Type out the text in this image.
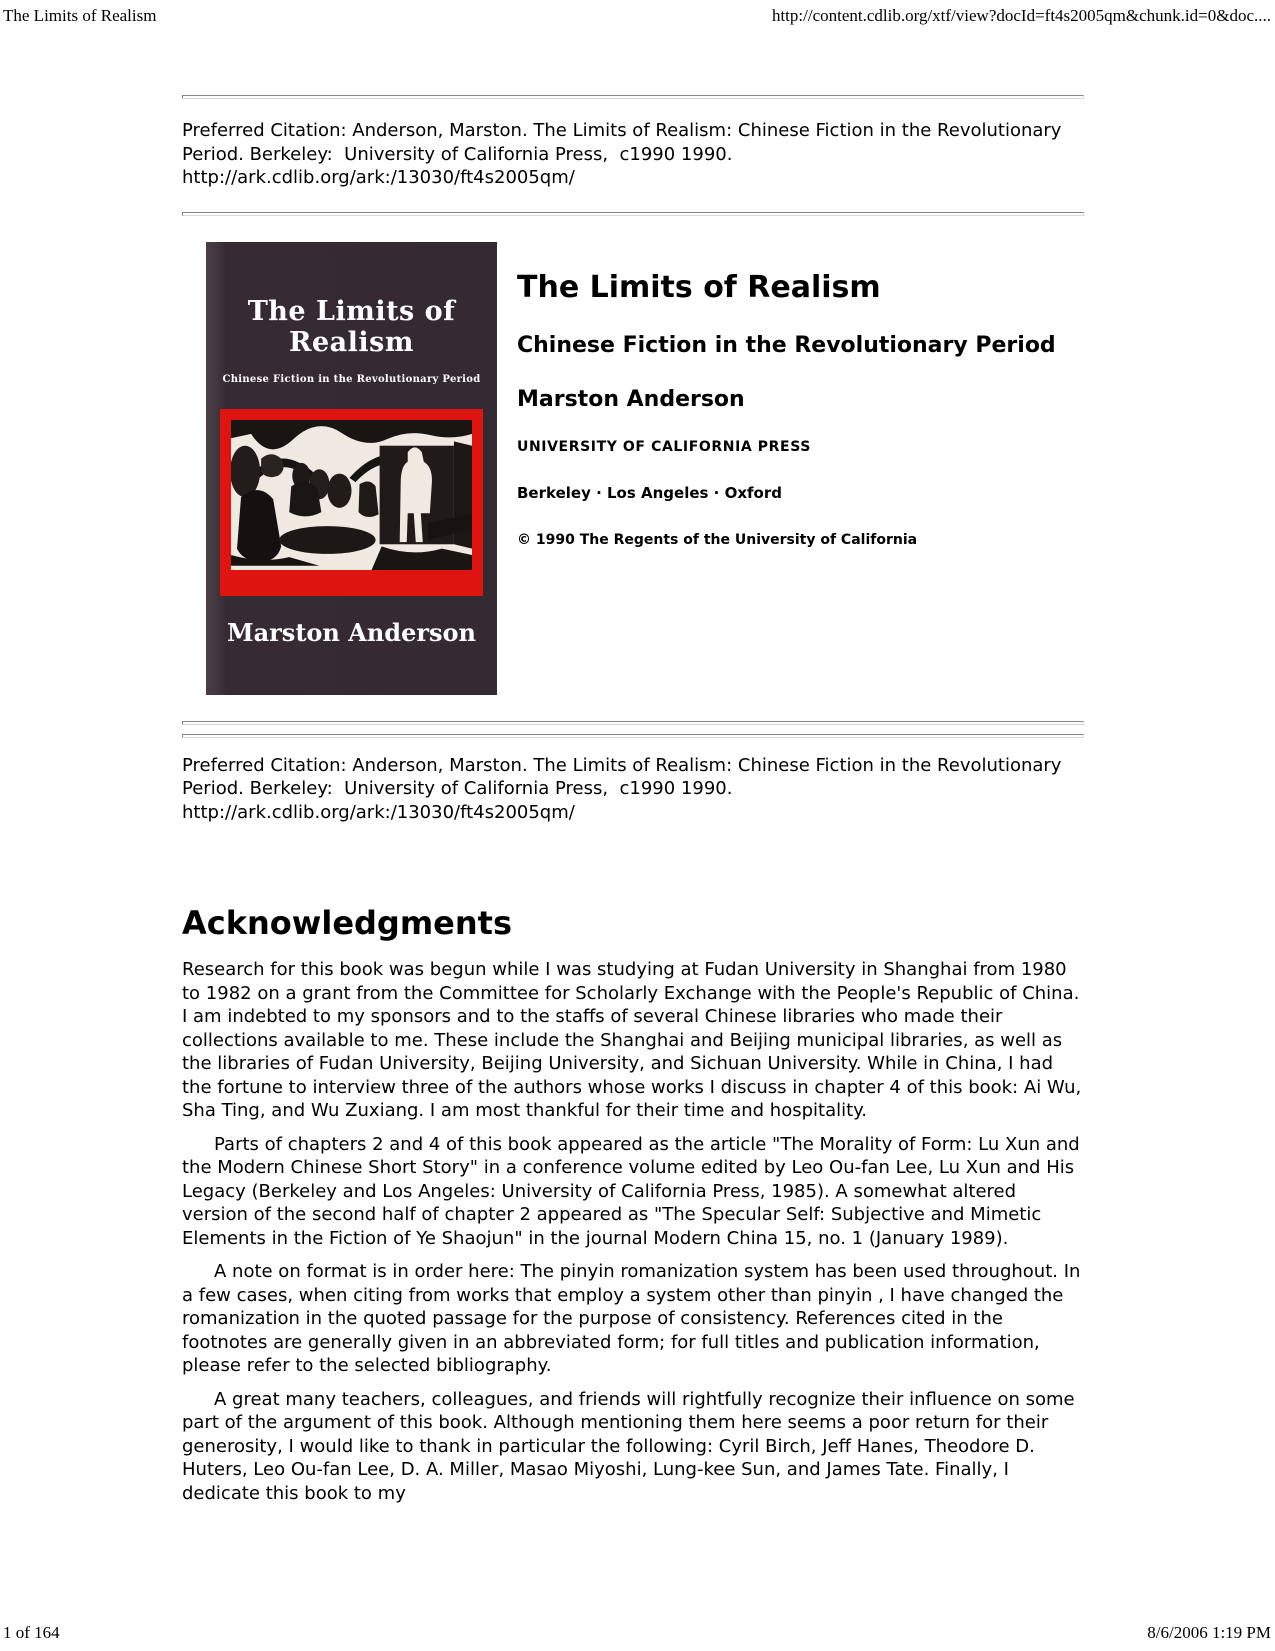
The Limits of Realism	http://content.cdlib.org/xtf/view?docId=ft4s2005qm&chunk.id=0&doc....

Preferred Citation: Anderson, Marston. The Limits of Realism: Chinese Fiction in the Revolutionary Period. Berkeley:  University of California Press,  c1990 1990. http://ark.cdlib.org/ark:/13030/ft4s2005qm/

The Limits of Realism
Chinese Fiction in the Revolutionary Period
Marston Anderson
The Limits of Realism
Chinese Fiction in the Revolutionary Period
Marston Anderson
UNIVERSITY OF CALIFORNIA PRESS
Berkeley · Los Angeles · Oxford
© 1990 The Regents of the University of California

Preferred Citation: Anderson, Marston. The Limits of Realism: Chinese Fiction in the Revolutionary Period. Berkeley:  University of California Press,  c1990 1990. http://ark.cdlib.org/ark:/13030/ft4s2005qm/

Acknowledgments

Research for this book was begun while I was studying at Fudan University in Shanghai from 1980 to 1982 on a grant from the Committee for Scholarly Exchange with the People's Republic of China. I am indebted to my sponsors and to the staffs of several Chinese libraries who made their collections available to me. These include the Shanghai and Beijing municipal libraries, as well as the libraries of Fudan University, Beijing University, and Sichuan University. While in China, I had the fortune to interview three of the authors whose works I discuss in chapter 4 of this book: Ai Wu, Sha Ting, and Wu Zuxiang. I am most thankful for their time and hospitality.

Parts of chapters 2 and 4 of this book appeared as the article "The Morality of Form: Lu Xun and the Modern Chinese Short Story" in a conference volume edited by Leo Ou-fan Lee, Lu Xun and His Legacy (Berkeley and Los Angeles: University of California Press, 1985). A somewhat altered version of the second half of chapter 2 appeared as "The Specular Self: Subjective and Mimetic Elements in the Fiction of Ye Shaojun" in the journal Modern China 15, no. 1 (January 1989).

A note on format is in order here: The pinyin romanization system has been used throughout. In a few cases, when citing from works that employ a system other than pinyin , I have changed the romanization in the quoted passage for the purpose of consistency. References cited in the footnotes are generally given in an abbreviated form; for full titles and publication information, please refer to the selected bibliography.

A great many teachers, colleagues, and friends will rightfully recognize their influence on some part of the argument of this book. Although mentioning them here seems a poor return for their generosity, I would like to thank in particular the following: Cyril Birch, Jeff Hanes, Theodore D. Huters, Leo Ou-fan Lee, D. A. Miller, Masao Miyoshi, Lung-kee Sun, and James Tate. Finally, I dedicate this book to my

1 of 164	8/6/2006 1:19 PM
